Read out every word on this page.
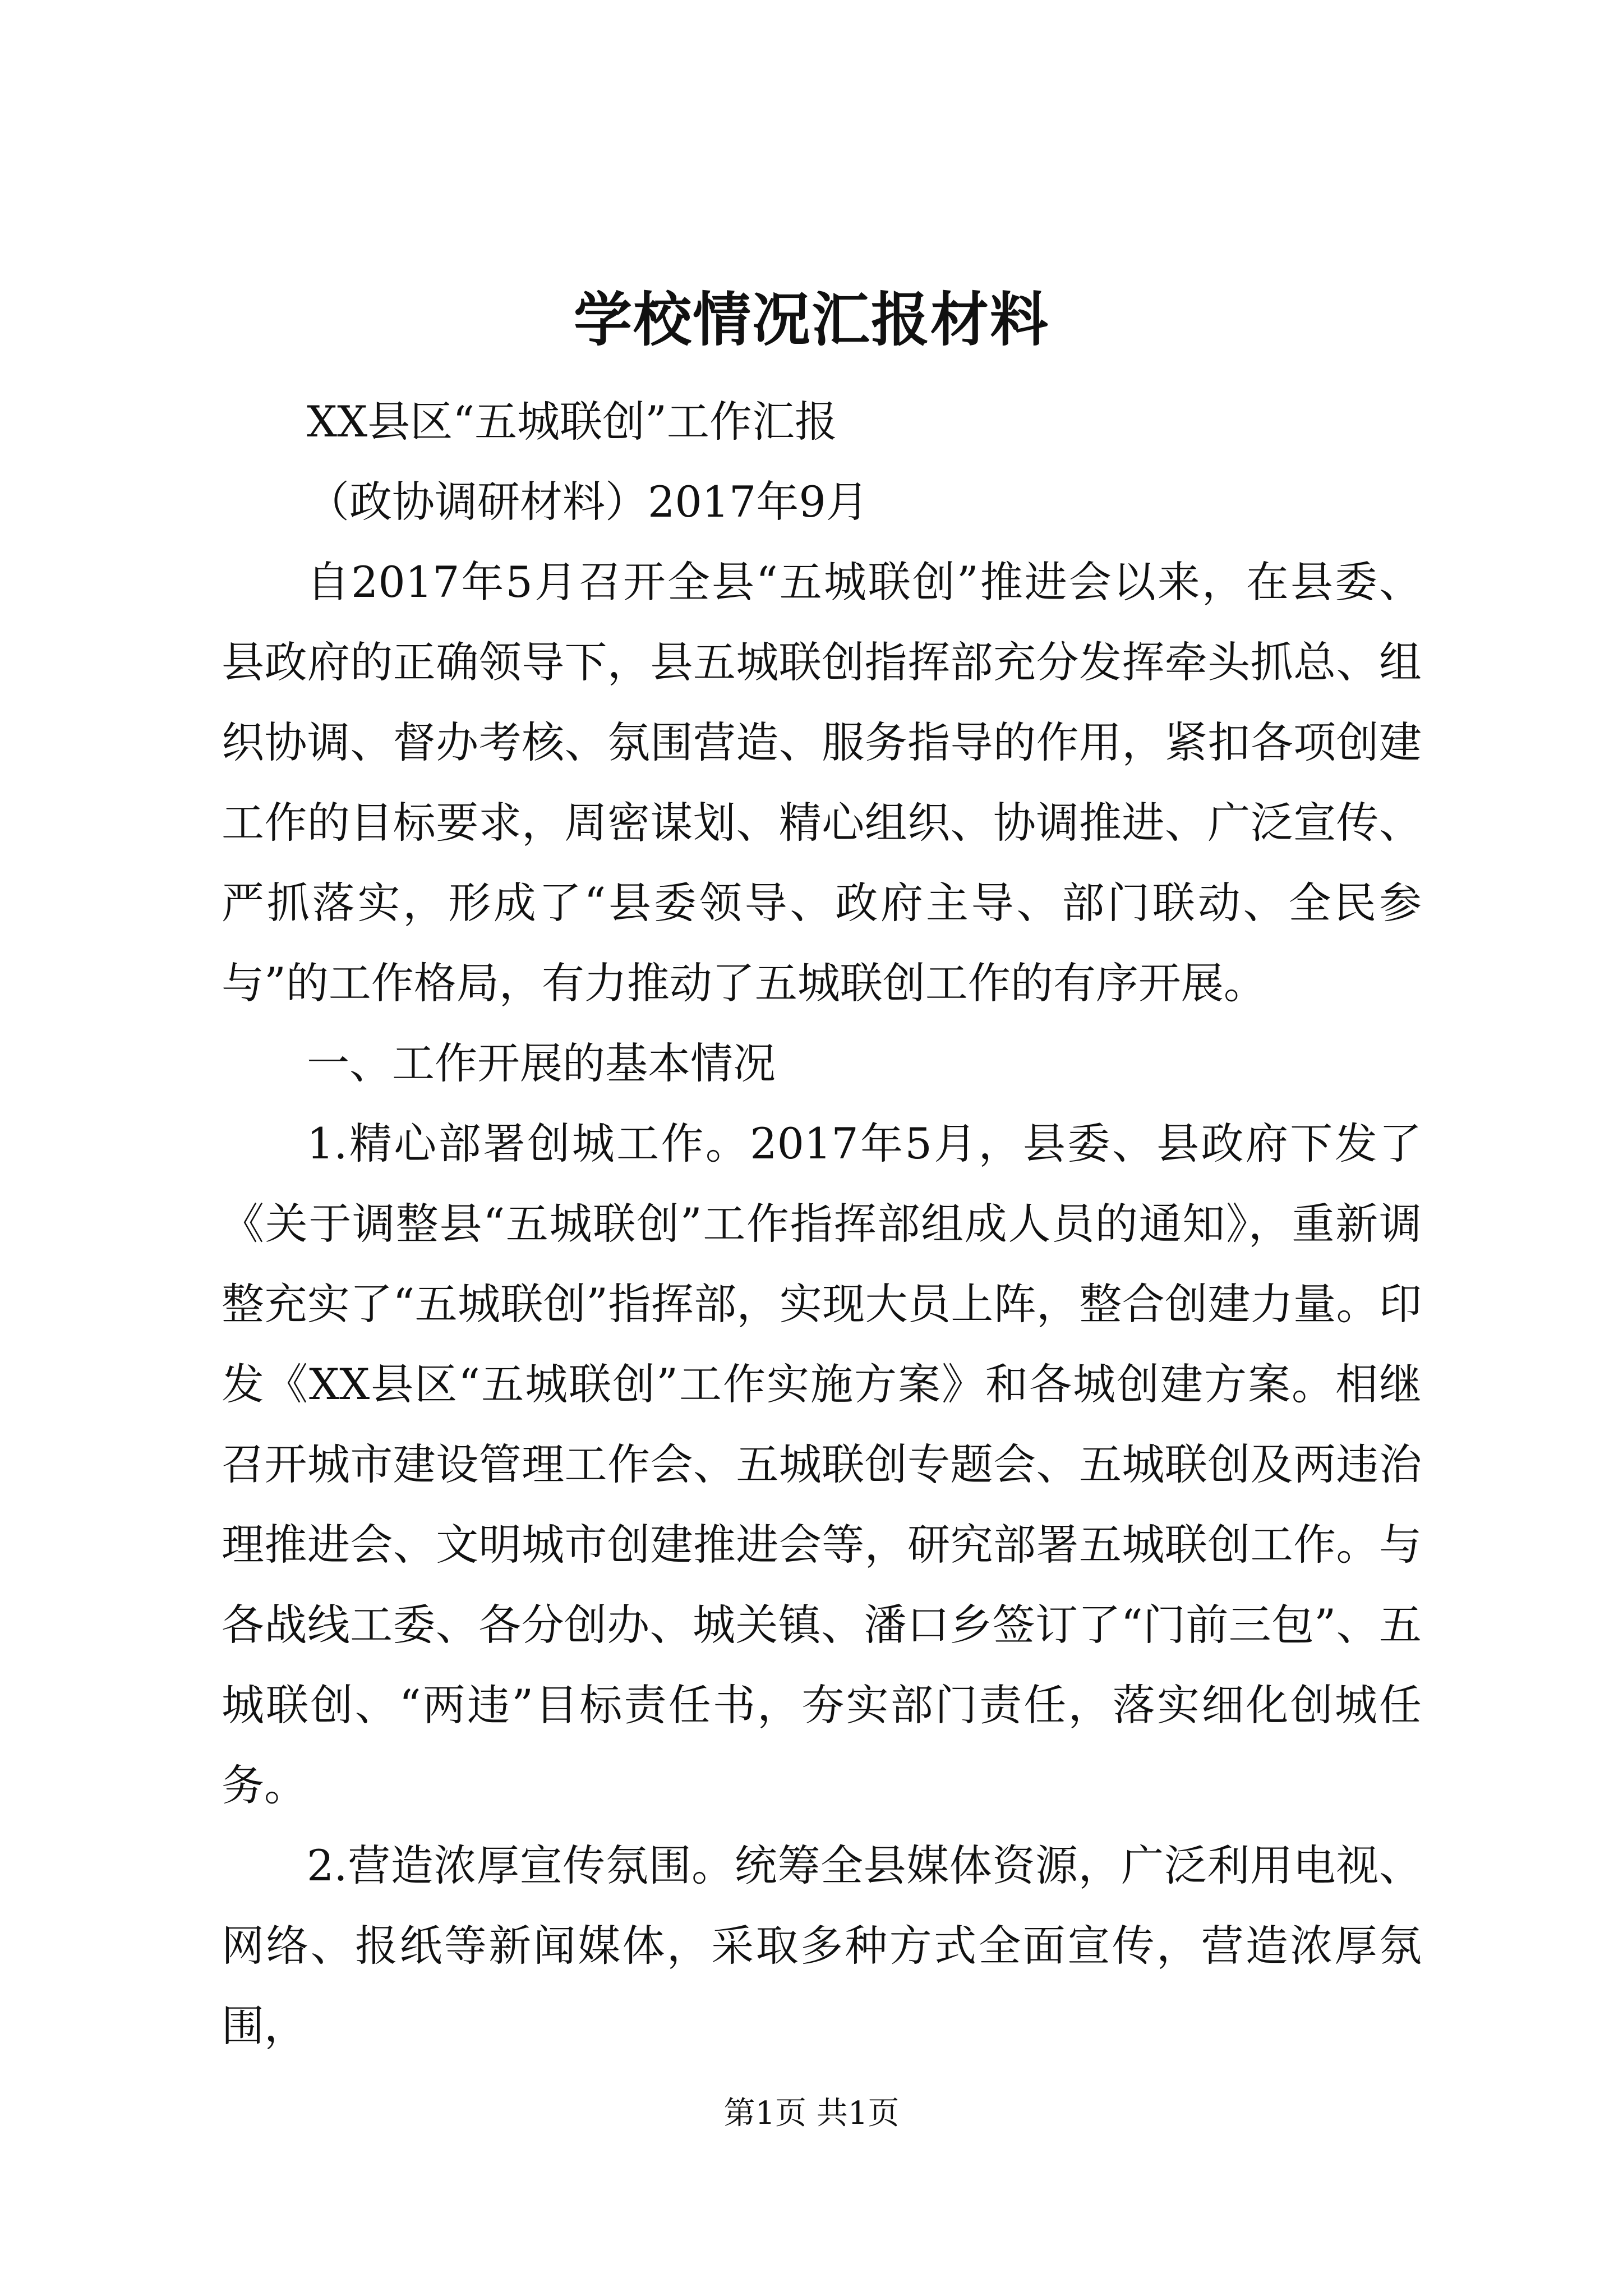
学校情况汇报材料

XX县区“五城联创”工作汇报

（政协调研材料）2017年9月

自2017年5月召开全县“五城联创”推进会以来，在县委、县政府的正确领导下，县五城联创指挥部充分发挥牵头抓总、组织协调、督办考核、氛围营造、服务指导的作用，紧扣各项创建工作的目标要求，周密谋划、精心组织、协调推进、广泛宣传、严抓落实，形成了“县委领导、政府主导、部门联动、全民参与”的工作格局，有力推动了五城联创工作的有序开展。

一、工作开展的基本情况

1.精心部署创城工作。2017年5月，县委、县政府下发了《关于调整县“五城联创”工作指挥部组成人员的通知》，重新调整充实了“五城联创”指挥部，实现大员上阵，整合创建力量。印发《XX县区“五城联创”工作实施方案》和各城创建方案。相继召开城市建设管理工作会、五城联创专题会、五城联创及两违治理推进会、文明城市创建推进会等，研究部署五城联创工作。与各战线工委、各分创办、城关镇、潘口乡签订了“门前三包”、五城联创、“两违”目标责任书，夯实部门责任，落实细化创城任务。

2.营造浓厚宣传氛围。统筹全县媒体资源，广泛利用电视、网络、报纸等新闻媒体，采取多种方式全面宣传，营造浓厚氛围，

第1页 共1页
